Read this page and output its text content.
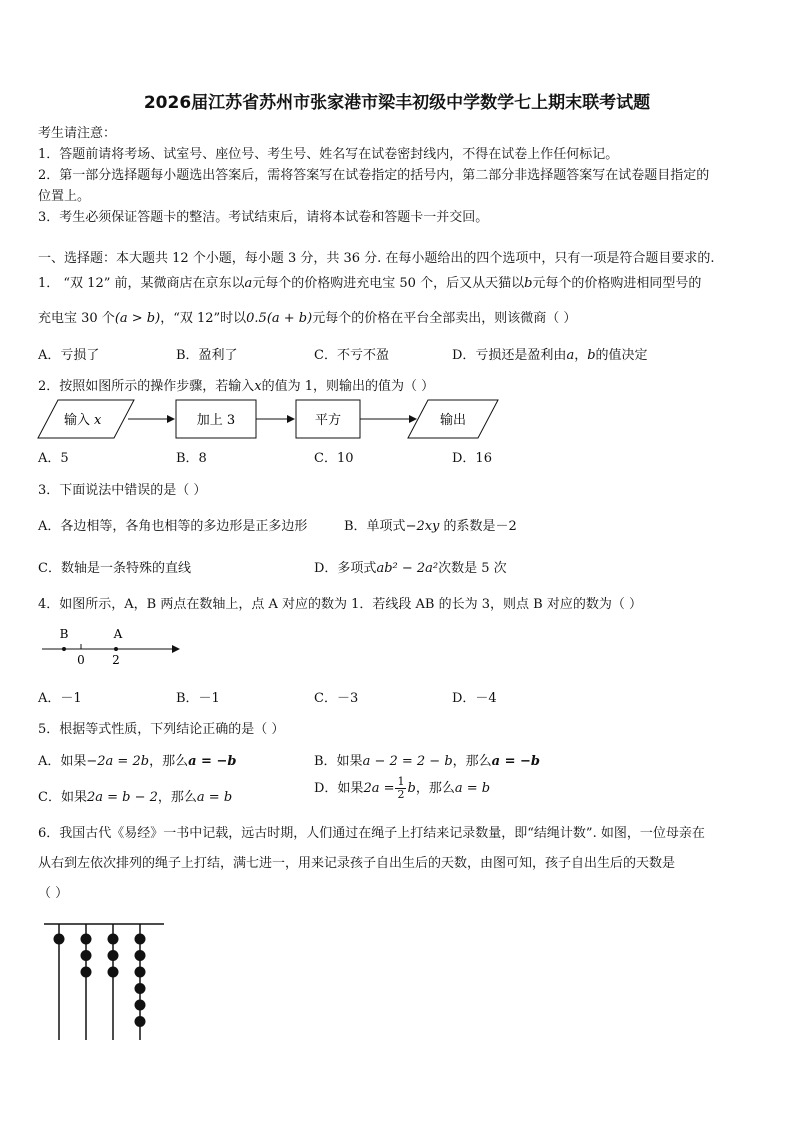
2026届江苏省苏州市张家港市梁丰初级中学数学七上期末联考试题
考生请注意：
1．答题前请将考场、试室号、座位号、考生号、姓名写在试卷密封线内，不得在试卷上作任何标记。
2．第一部分选择题每小题选出答案后，需将答案写在试卷指定的括号内，第二部分非选择题答案写在试卷题目指定的
位置上。
3．考生必须保证答题卡的整洁。考试结束后，请将本试卷和答题卡一并交回。
一、选择题：本大题共 12 个小题，每小题 3 分，共 36 分. 在每小题给出的四个选项中，只有一项是符合题目要求的.
1． “双 12” 前，某微商店在京东以a元每个的价格购进充电宝 50 个，后又从天猫以b元每个的价格购进相同型号的
充电宝 30 个(a > b)，“双 12”时以0.5(a + b)元每个的价格在平台全部卖出，则该微商（ ）
A．亏损了	B．盈利了	C．不亏不盈	D．亏损还是盈利由a，b的值决定
2．按照如图所示的操作步骤，若输入x的值为 1，则输出的值为（ ）
输入 x	加上 3	平方	输出
A．5	B．8	C．10	D．16
3．下面说法中错误的是（ ）
A．各边相等，各角也相等的多边形是正多边形	B．单项式−2xy 的系数是－2
C．数轴是一条特殊的直线	D．多项式ab² − 2a²次数是 5 次
4．如图所示，A，B 两点在数轴上，点 A 对应的数为 1．若线段 AB 的长为 3，则点 B 对应的数为（ ）
B	A
0 2
A．－1	B．－1	C．－3	D．－4
5．根据等式性质，下列结论正确的是（ ）
A．如果−2a = 2b，那么a = −b	B．如果a − 2 = 2 − b，那么a = −b
C．如果2a = b − 2，那么a = b
D．如果$2a = \frac{1}{2}$ b，那么a = b
6．我国古代《易经》一书中记载，远古时期，人们通过在绳子上打结来记录数量，即“结绳计数”. 如图，一位母亲在
从右到左依次排列的绳子上打结，满七进一，用来记录孩子自出生后的天数，由图可知，孩子自出生后的天数是
（ ）
